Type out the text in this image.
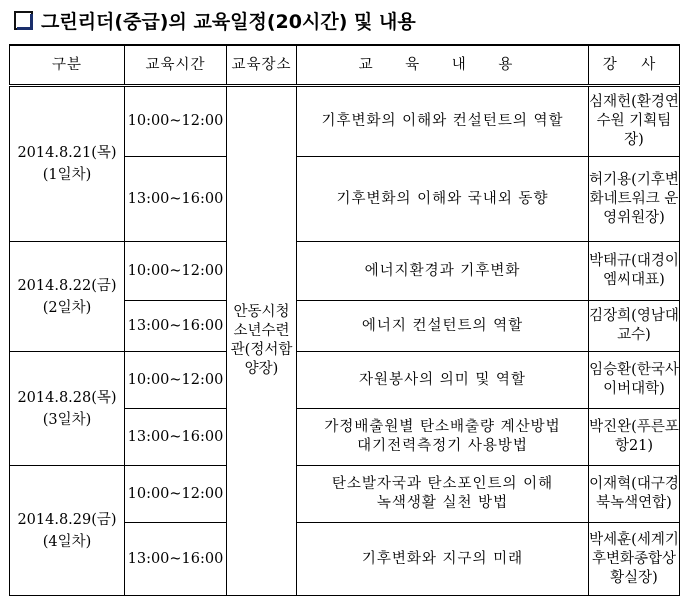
그린리더(중급)의 교육일정(20시간) 및 내용
구분	교육시간	교육장소	교 육 내 용	강 사

2014.8.21(목)
(1일차)	10:00~12:00	안동시청소년수련관(정서함양장)	기후변화의 이해와 컨설턴트의 역할	심재헌(환경연수원 기획팀장)
	13:00~16:00		기후변화의 이해와 국내외 동향	허기용(기후변화네트워크 운영위원장)

2014.8.22(금)
(2일차)	10:00~12:00		에너지환경과 기후변화	박태규(대경이엠씨대표)
	13:00~16:00		에너지 컨설턴트의 역할	김장희(영남대교수)

2014.8.28(목)
(3일차)	10:00~12:00		자원봉사의 의미 및 역할	임승환(한국사이버대학)
	13:00~16:00		가정배출원별 탄소배출량 계산방법
대기전력측정기 사용방법	박진완(푸른포항21)

2014.8.29(금)
(4일차)	10:00~12:00		탄소발자국과 탄소포인트의 이해
녹색생활 실천 방법	이재혁(대구경북녹색연합)
	13:00~16:00		기후변화와 지구의 미래	박세훈(세계기후변화종합상황실장)
